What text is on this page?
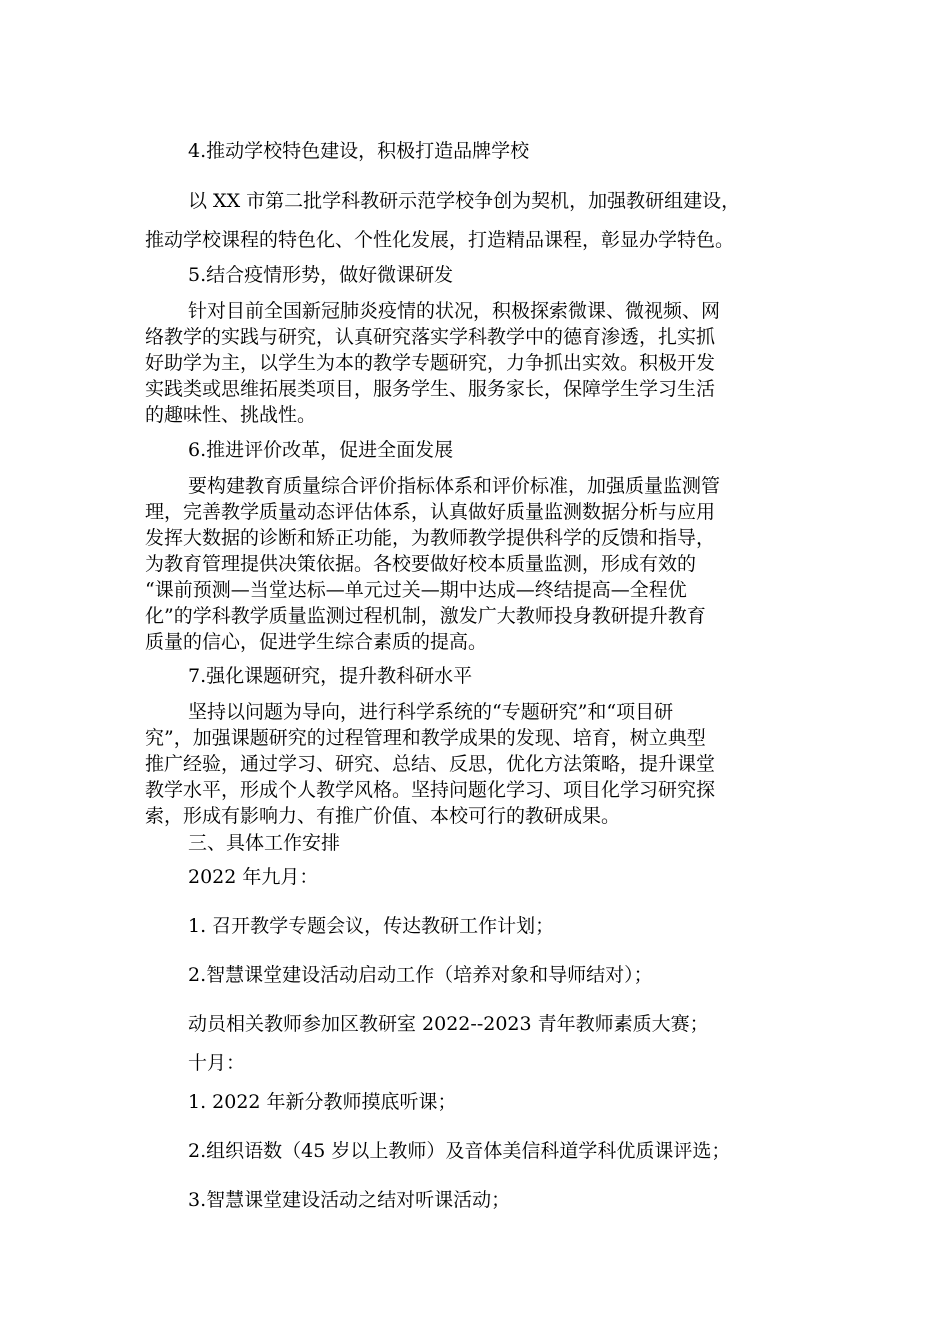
4.推动学校特色建设，积极打造品牌学校
以 XX 市第二批学科教研示范学校争创为契机，加强教研组建设，
推动学校课程的特色化、个性化发展，打造精品课程，彰显办学特色。
5.结合疫情形势，做好微课研发
针对目前全国新冠肺炎疫情的状况，积极探索微课、微视频、网
络教学的实践与研究，认真研究落实学科教学中的德育渗透，扎实抓
好助学为主，以学生为本的教学专题研究，力争抓出实效。积极开发
实践类或思维拓展类项目，服务学生、服务家长，保障学生学习生活
的趣味性、挑战性。
6.推进评价改革，促进全面发展
要构建教育质量综合评价指标体系和评价标准，加强质量监测管
理，完善教学质量动态评估体系，认真做好质量监测数据分析与应用
发挥大数据的诊断和矫正功能，为教师教学提供科学的反馈和指导，
为教育管理提供决策依据。各校要做好校本质量监测，形成有效的
“课前预测—当堂达标—单元过关—期中达成—终结提高—全程优
化”的学科教学质量监测过程机制，激发广大教师投身教研提升教育
质量的信心，促进学生综合素质的提高。
7.强化课题研究，提升教科研水平
坚持以问题为导向，进行科学系统的“专题研究”和“项目研
究”，加强课题研究的过程管理和教学成果的发现、培育，树立典型
推广经验，通过学习、研究、总结、反思，优化方法策略，提升课堂
教学水平，形成个人教学风格。坚持问题化学习、项目化学习研究探
索，形成有影响力、有推广价值、本校可行的教研成果。
三、具体工作安排
2022 年九月：
1. 召开教学专题会议，传达教研工作计划；
2.智慧课堂建设活动启动工作（培养对象和导师结对）；
动员相关教师参加区教研室 2022--2023 青年教师素质大赛；
十月：
1. 2022 年新分教师摸底听课；
2.组织语数（45 岁以上教师）及音体美信科道学科优质课评选；
3.智慧课堂建设活动之结对听课活动；
